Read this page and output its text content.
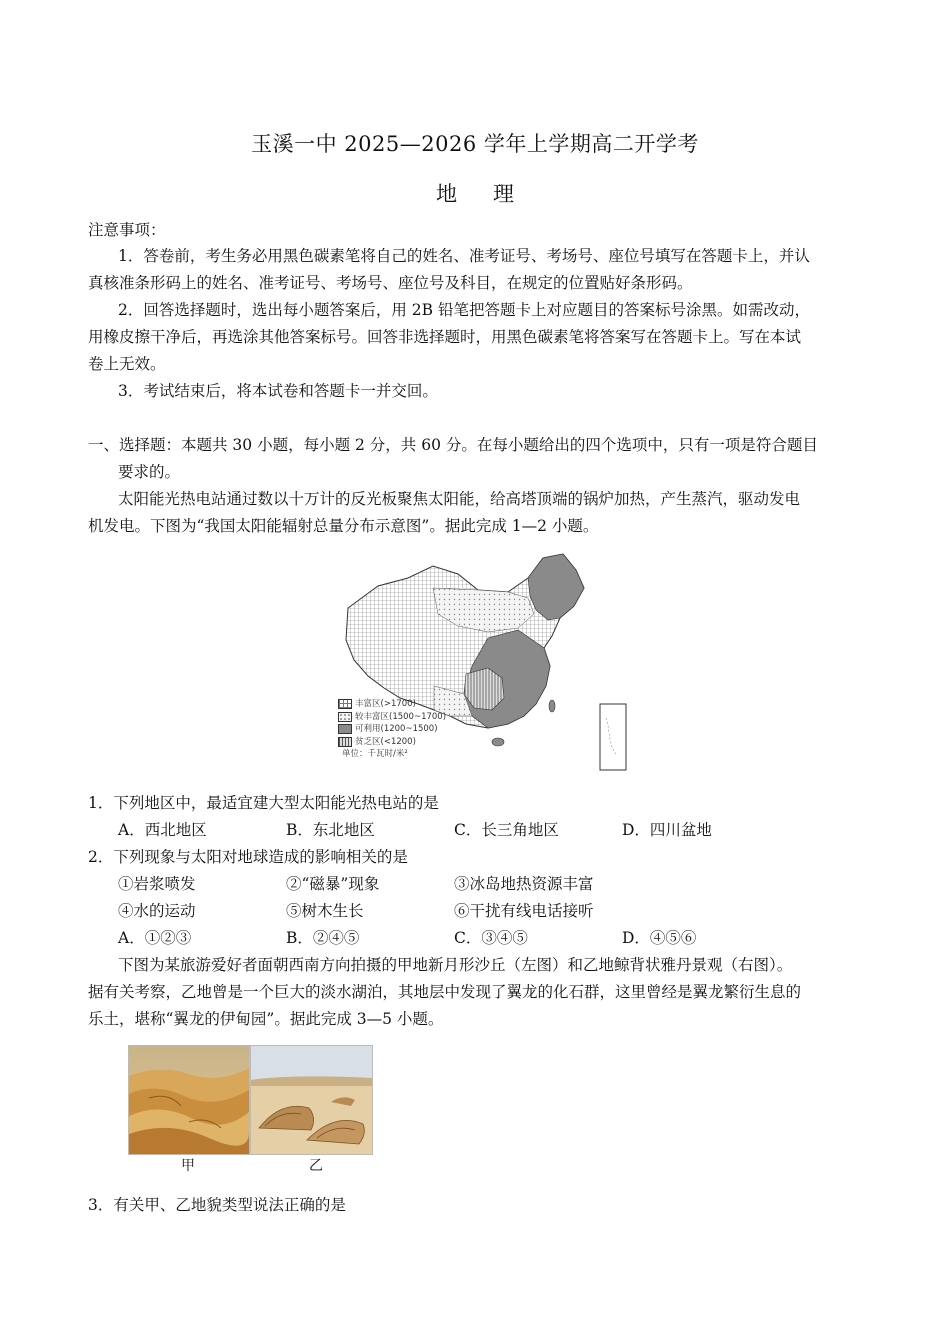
玉溪一中 2025—2026 学年上学期高二开学考
地 理
注意事项：
1．答卷前，考生务必用黑色碳素笔将自己的姓名、准考证号、考场号、座位号填写在答题卡上，并认
真核准条形码上的姓名、准考证号、考场号、座位号及科目，在规定的位置贴好条形码。
2．回答选择题时，选出每小题答案后，用 2B 铅笔把答题卡上对应题目的答案标号涂黑。如需改动，
用橡皮擦干净后，再选涂其他答案标号。回答非选择题时，用黑色碳素笔将答案写在答题卡上。写在本试
卷上无效。
3．考试结束后，将本试卷和答题卡一并交回。
一、选择题：本题共 30 小题，每小题 2 分，共 60 分。在每小题给出的四个选项中，只有一项是符合题目
要求的。
太阳能光热电站通过数以十万计的反光板聚焦太阳能，给高塔顶端的锅炉加热，产生蒸汽，驱动发电
机发电。下图为“我国太阳能辐射总量分布示意图”。据此完成 1—2 小题。
丰富区(>1700)
较丰富区(1500~1700)
可利用(1200~1500)
贫乏区(<1200)
单位：千瓦时/米²
1．下列地区中，最适宜建大型太阳能光热电站的是
A．西北地区	B．东北地区	C．长三角地区	D．四川盆地
2．下列现象与太阳对地球造成的影响相关的是
①岩浆喷发	②“磁暴”现象	③冰岛地热资源丰富
④水的运动	⑤树木生长	⑥干扰有线电话接听
A．①②③	B．②④⑤	C．③④⑤	D．④⑤⑥
下图为某旅游爱好者面朝西南方向拍摄的甲地新月形沙丘（左图）和乙地鲸背状雅丹景观（右图）。
据有关考察，乙地曾是一个巨大的淡水湖泊，其地层中发现了翼龙的化石群，这里曾经是翼龙繁衍生息的
乐土，堪称“翼龙的伊甸园”。据此完成 3—5 小题。
甲	乙
3．有关甲、乙地貌类型说法正确的是
